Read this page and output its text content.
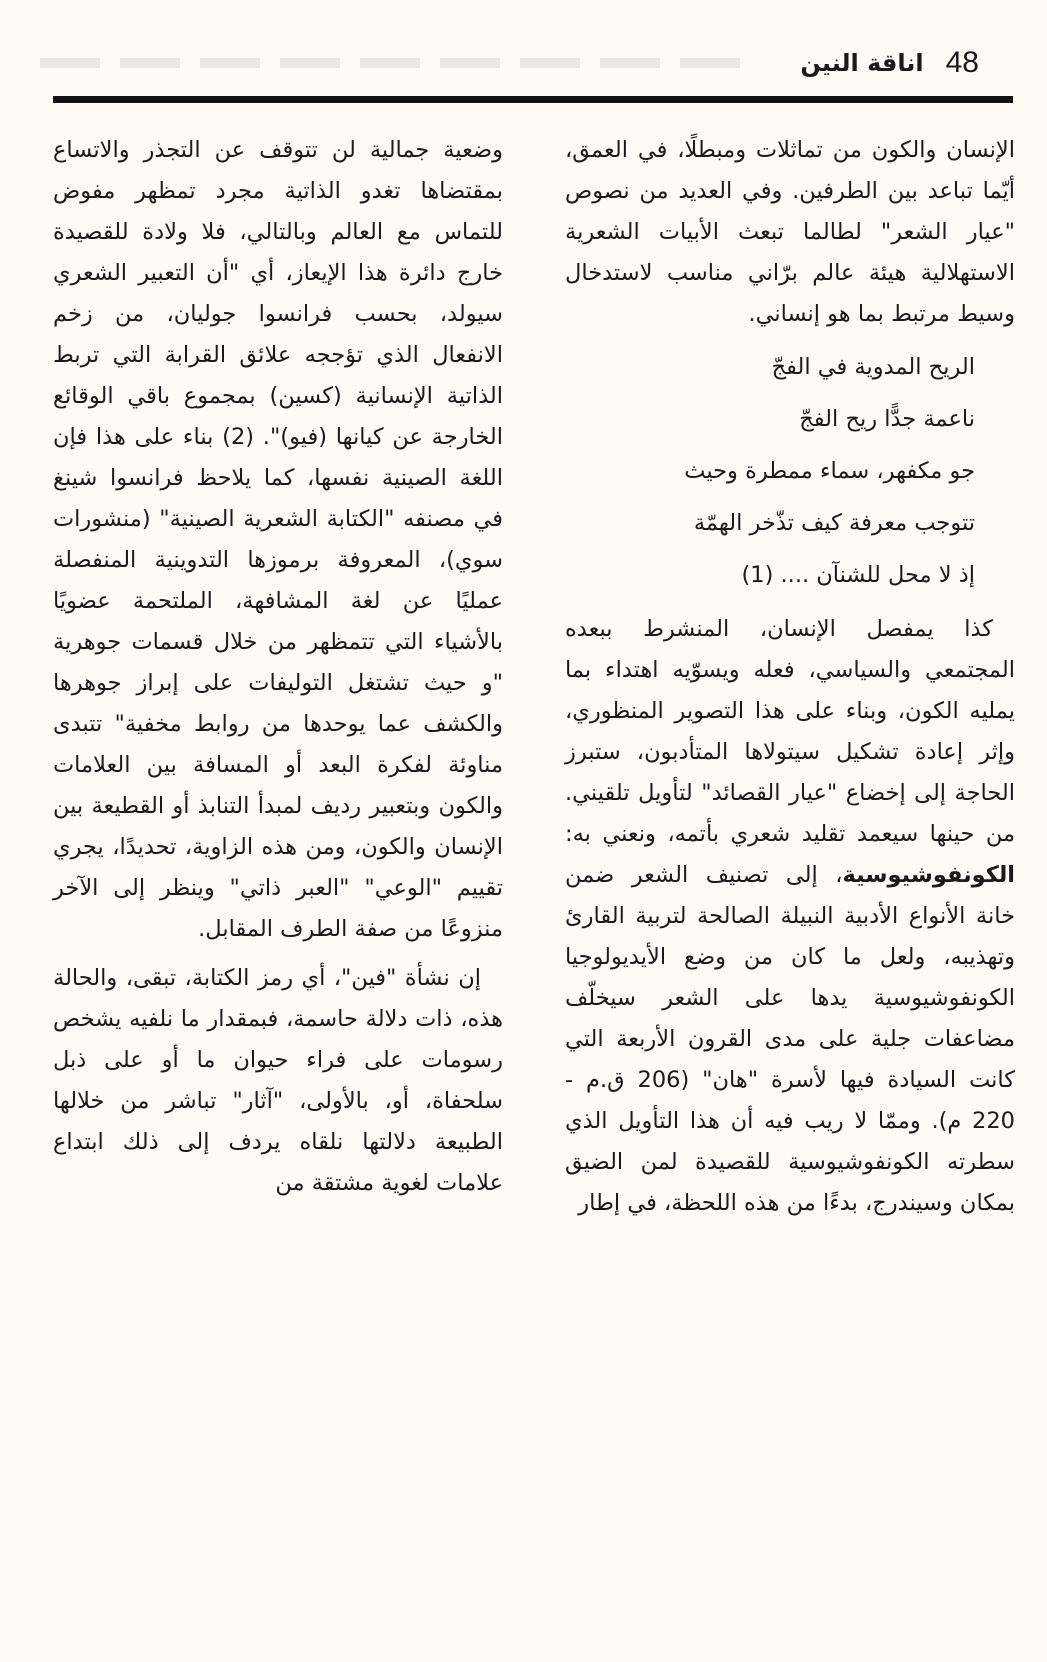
48
اناقة النين

الإنسان والكون من تماثلات ومبطلًا، في العمق، أيّما تباعد بين الطرفين. وفي العديد من نصوص "عيار الشعر" لطالما تبعث الأبيات الشعرية الاستهلالية هيئة عالم برّاني مناسب لاستدخال وسيط مرتبط بما هو إنساني.

الريح المدوية في الفجّ
ناعمة جدًّا ريح الفجّ
جو مكفهر، سماء ممطرة وحيث
تتوجب معرفة كيف تذّخر الهمّة
إذ لا محل للشنآن .... (1)

كذا يمفصل الإنسان، المنشرط ببعده المجتمعي والسياسي، فعله ويسوّيه اهتداء بما يمليه الكون، وبناء على هذا التصوير المنظوري، وإثر إعادة تشكيل سيتولاها المتأدبون، ستبرز الحاجة إلى إخضاع "عيار القصائد" لتأويل تلقيني. من حينها سيعمد تقليد شعري بأتمه، ونعني به: الكونفوشيوسية، إلى تصنيف الشعر ضمن خانة الأنواع الأدبية النبيلة الصالحة لتربية القارئ وتهذيبه، ولعل ما كان من وضع الأيديولوجيا الكونفوشيوسية يدها على الشعر سيخلّف مضاعفات جلية على مدى القرون الأربعة التي كانت السيادة فيها لأسرة "هان" (206 ق.م - 220 م). وممّا لا ريب فيه أن هذا التأويل الذي سطرته الكونفوشيوسية للقصيدة لمن الضيق بمكان وسيندرج، بدءًا من هذه اللحظة، في إطار

وضعية جمالية لن تتوقف عن التجذر والاتساع بمقتضاها تغدو الذاتية مجرد تمظهر مفوض للتماس مع العالم وبالتالي، فلا ولادة للقصيدة خارج دائرة هذا الإيعاز، أي "أن التعبير الشعري سيولد، بحسب فرانسوا جوليان، من زخم الانفعال الذي تؤججه علائق القرابة التي تربط الذاتية الإنسانية (كسين) بمجموع باقي الوقائع الخارجة عن كيانها (فيو)". (2) بناء على هذا فإن اللغة الصينية نفسها، كما يلاحظ فرانسوا شينغ في مصنفه "الكتابة الشعرية الصينية" (منشورات سوي)، المعروفة برموزها التدوينية المنفصلة عمليًا عن لغة المشافهة، الملتحمة عضويًا بالأشياء التي تتمظهر من خلال قسمات جوهرية "و حيث تشتغل التوليفات على إبراز جوهرها والكشف عما يوحدها من روابط مخفية" تتبدى مناوئة لفكرة البعد أو المسافة بين العلامات والكون وبتعبير رديف لمبدأ التنابذ أو القطيعة بين الإنسان والكون، ومن هذه الزاوية، تحديدًا، يجري تقييم "الوعي" "العبر ذاتي" وينظر إلى الآخر منزوعًا من صفة الطرف المقابل.

إن نشأة "فين"، أي رمز الكتابة، تبقى، والحالة هذه، ذات دلالة حاسمة، فبمقدار ما نلفيه يشخص رسومات على فراء حيوان ما أو على ذبل سلحفاة، أو، بالأولى، "آثار" تباشر من خلالها الطبيعة دلالتها نلقاه يردف إلى ذلك ابتداع علامات لغوية مشتقة من
